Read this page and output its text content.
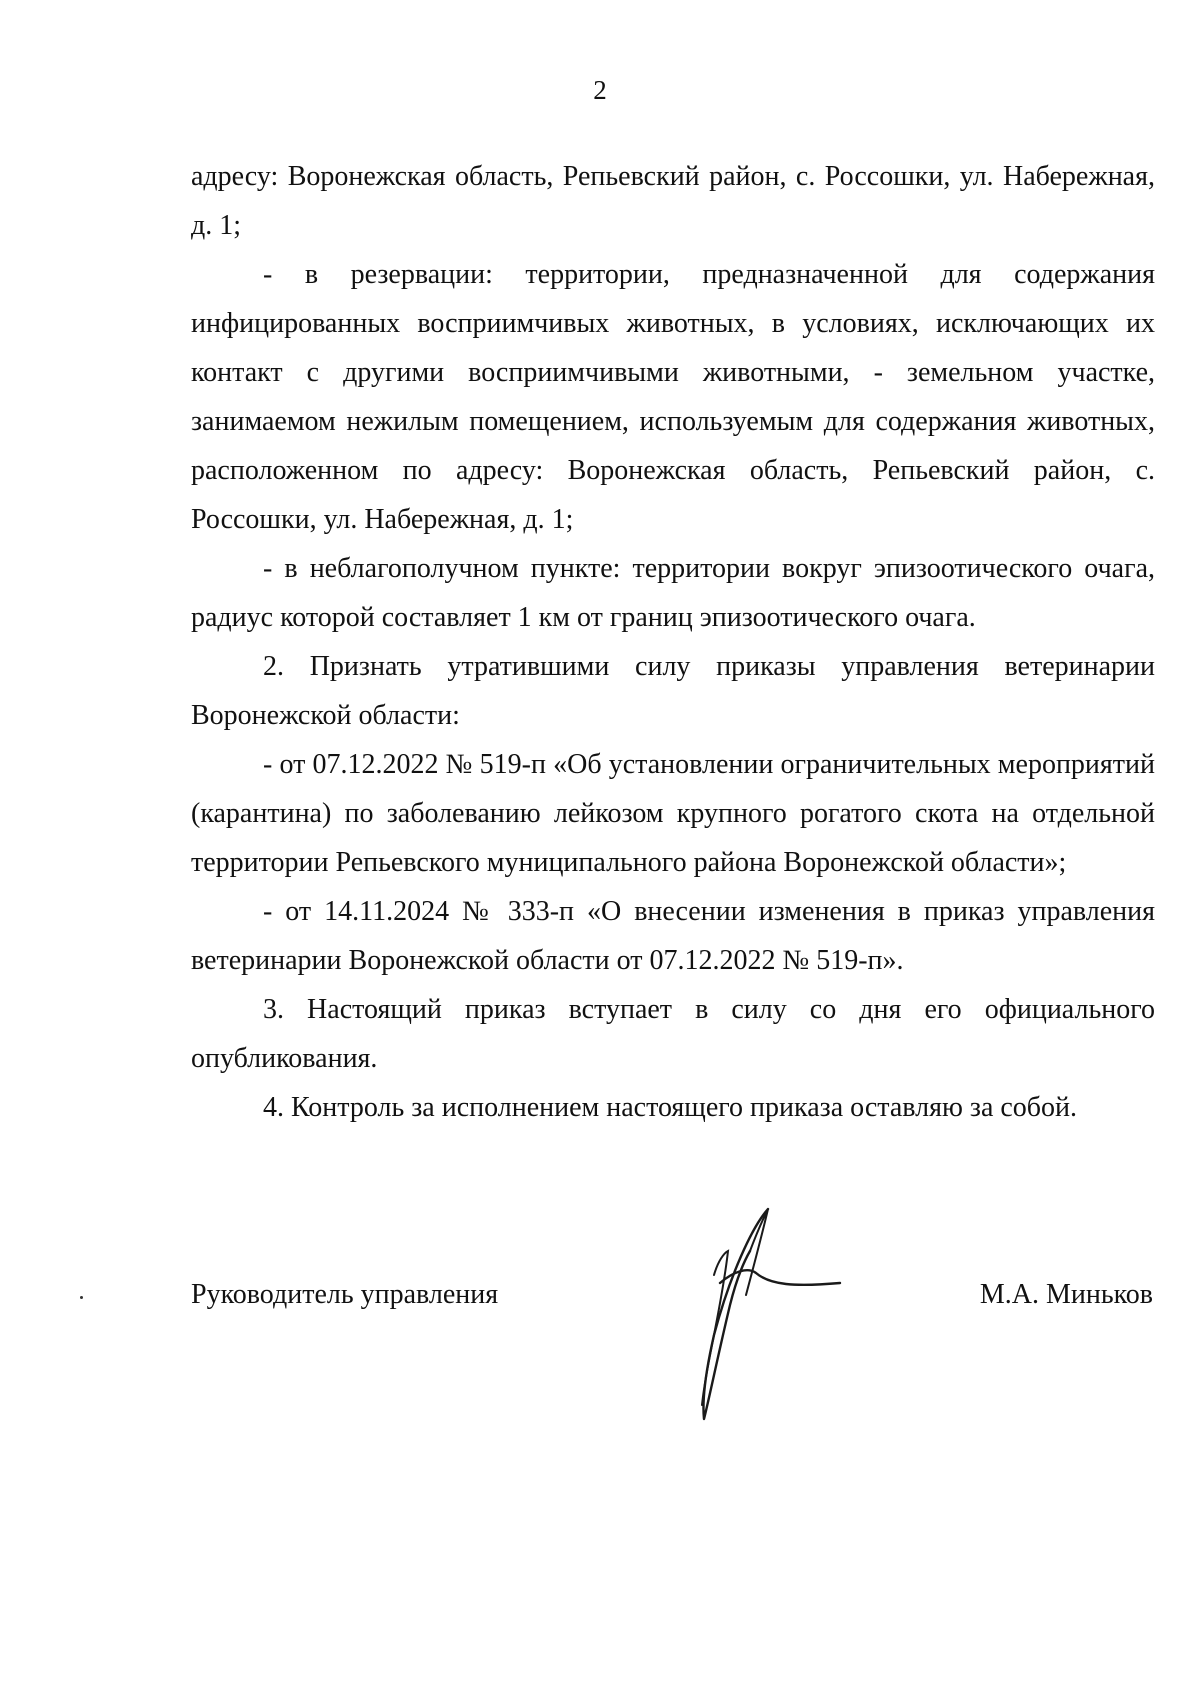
2

адресу: Воронежская область, Репьевский район, с. Россошки, ул. Набережная, д. 1;

- в резервации: территории, предназначенной для содержания инфицированных восприимчивых животных, в условиях, исключающих их контакт с другими восприимчивыми животными, - земельном участке, занимаемом нежилым помещением, используемым для содержания животных, расположенном по адресу: Воронежская область, Репьевский район, с. Россошки, ул. Набережная, д. 1;

- в неблагополучном пункте: территории вокруг эпизоотического очага, радиус которой составляет 1 км от границ эпизоотического очага.

2. Признать утратившими силу приказы управления ветеринарии Воронежской области:

- от 07.12.2022 № 519-п «Об установлении ограничительных мероприятий (карантина) по заболеванию лейкозом крупного рогатого скота на отдельной территории Репьевского муниципального района Воронежской области»;

- от 14.11.2024 № 333-п «О внесении изменения в приказ управления ветеринарии Воронежской области от 07.12.2022 № 519-п».

3. Настоящий приказ вступает в силу со дня его официального опубликования.

4. Контроль за исполнением настоящего приказа оставляю за собой.

Руководитель управления	М.А. Миньков
